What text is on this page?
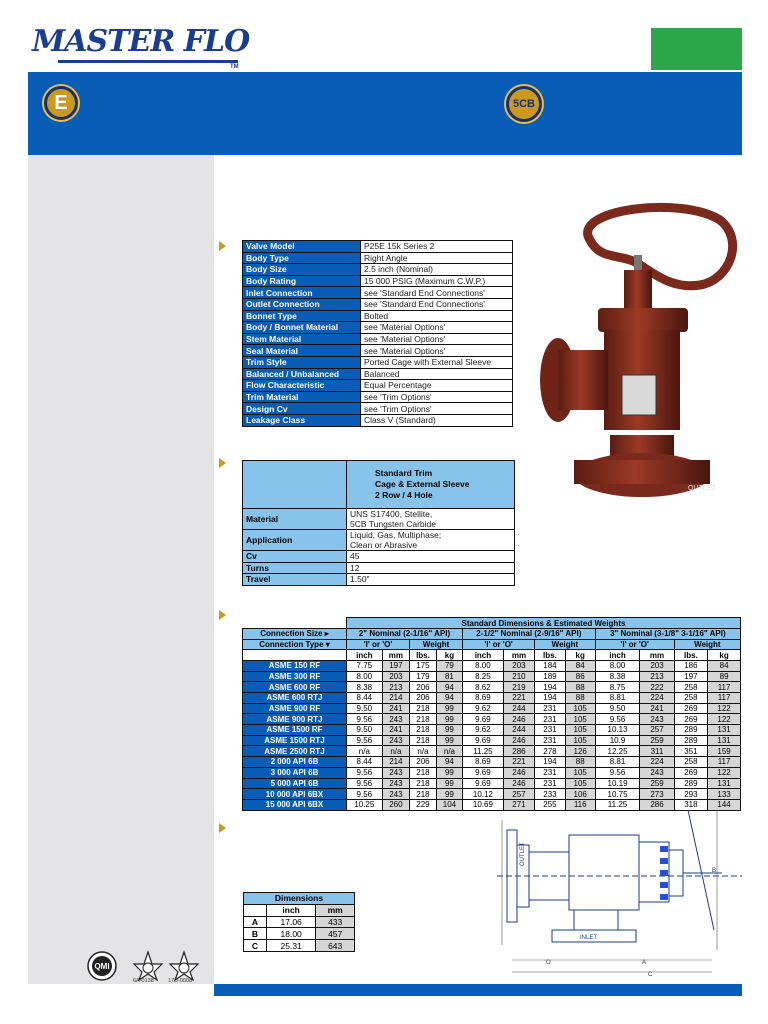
MASTER FLO
TM
E	5CB
Valve Model	P25E 15k Series 2
Body Type	Right Angle
Body Size	2.5 inch (Nominal)
Body Rating	15 000 PSIG (Maximum C.W.P.)
Inlet Connection	see 'Standard End Connections'
Outlet Connection	see 'Standard End Connections'
Bonnet Type	Bolted
Body / Bonnet Material	see 'Material Options'
Stem Material	see 'Material Options'
Seal Material	see 'Material Options'
Trim Style	Ported Cage with External Sleeve
Balanced / Unbalanced	Balanced
Flow Characteristic	Equal Percentage
Trim Material	see 'Trim Options'
Design Cv	see 'Trim Options'
Leakage Class	Class V (Standard)

	Standard Trim
Cage & External Sleeve
2 Row / 4 Hole

Material	UNS S17400, Stellite,
5CB Tungsten Carbide

Application	Liquid, Gas, Multiphase;
Clean or Abrasive

Cv	45

Turns	12

Travel	1.50"
OUTLET

	Standard Dimensions & Estimated Weights											
Connection Size ▸	2" Nominal (2-1/16" API)				2-1/2" Nominal (2-9/16" API)				3" Nominal (3-1/8" 3-1/16" API)			
Connection Type ▾	'I' or 'O'		Weight		'I' or 'O'		Weight		'I' or 'O'		Weight	
	inch	mm	lbs.	kg	inch	mm	lbs.	kg	inch	mm	lbs.	kg
ASME 150 RF	7.75	197	175	79	8.00	203	184	84	8.00	203	186	84
ASME 300 RF	8.00	203	179	81	8.25	210	189	86	8.38	213	197	89
ASME 600 RF	8.38	213	206	94	8.62	219	194	88	8.75	222	258	117
ASME 600 RTJ	8.44	214	206	94	8.69	221	194	88	8.81	224	258	117
ASME 900 RF	9.50	241	218	99	9.62	244	231	105	9.50	241	269	122
ASME 900 RTJ	9.56	243	218	99	9.69	246	231	105	9.56	243	269	122
ASME 1500 RF	9.50	241	218	99	9.62	244	231	105	10.13	257	289	131
ASME 1500 RTJ	9.56	243	218	99	9.69	246	231	105	10.9	259	289	131
ASME 2500 RTJ	n/a	n/a	n/a	n/a	11.25	286	278	126	12.25	311	351	159
2 000 API 6B	8.44	214	206	94	8.69	221	194	88	8.81	224	258	117
3 000 API 6B	9.56	243	218	99	9.69	246	231	105	9.56	243	269	122
5 000 API 6B	9.56	243	218	99	9.69	246	231	105	10.19	259	289	131
10 000 API 6BX	9.56	243	218	99	10.12	257	233	106	10.75	273	293	133
15 000 API 6BX	10.25	260	229	104	10.69	271	255	116	11.25	286	318	144
OUTLET
INLET
O	A
C
B
Dimensions		
	inch	mm
A	17.06	433
B	18.00	457
C	25.31	643
QMI
6A-0138	17D-0008
